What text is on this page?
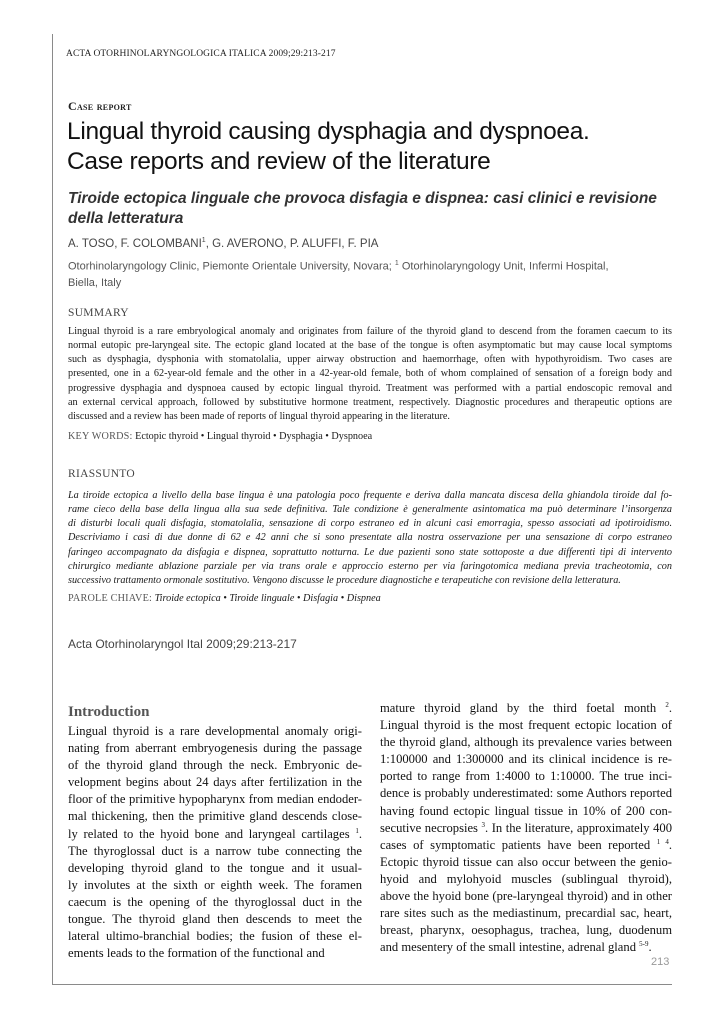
ACTA OTORHINOLARYNGOLOGICA ITALICA 2009;29:213-217
Case report
Lingual thyroid causing dysphagia and dyspnoea.
Case reports and review of the literature
Tiroide ectopica linguale che provoca disfagia e dispnea: casi clinici e revisione
della letteratura
A. TOSO, F. COLOMBANI$^1$, G. AVERONO, P. ALUFFI, F. PIA
Otorhinolaryngology Clinic, Piemonte Orientale University, Novara; $^1$ Otorhinolaryngology Unit, Infermi Hospital,
Biella, Italy
SUMMARY
Lingual thyroid is a rare embryological anomaly and originates from failure of the thyroid gland to descend from the foramen caecum to its
normal eutopic pre-laryngeal site. The ectopic gland located at the base of the tongue is often asymptomatic but may cause local symptoms
such as dysphagia, dysphonia with stomatolalia, upper airway obstruction and haemorrhage, often with hypothyroidism. Two cases are
presented, one in a 62-year-old female and the other in a 42-year-old female, both of whom complained of sensation of a foreign body and
progressive dysphagia and dyspnoea caused by ectopic lingual thyroid. Treatment was performed with a partial endoscopic removal and
an external cervical approach, followed by substitutive hormone treatment, respectively. Diagnostic procedures and therapeutic options are
discussed and a review has been made of reports of lingual thyroid appearing in the literature.
KEY WORDS: Ectopic thyroid • Lingual thyroid • Dysphagia • Dyspnoea
RIASSUNTO
La tiroide ectopica a livello della base lingua è una patologia poco frequente e deriva dalla mancata discesa della ghiandola tiroide dal fo-
rame cieco della base della lingua alla sua sede definitiva. Tale condizione è generalmente asintomatica ma può determinare l’insorgenza
di disturbi locali quali disfagia, stomatolalia, sensazione di corpo estraneo ed in alcuni casi emorragia, spesso associati ad ipotiroidismo.
Descriviamo i casi di due donne di 62 e 42 anni che si sono presentate alla nostra osservazione per una sensazione di corpo estraneo
faringeo accompagnato da disfagia e dispnea, soprattutto notturna. Le due pazienti sono state sottoposte a due differenti tipi di intervento
chirurgico mediante ablazione parziale per via trans orale e approccio esterno per via faringotomica mediana previa tracheotomia, con
successivo trattamento ormonale sostitutivo. Vengono discusse le procedure diagnostiche e terapeutiche con revisione della letteratura.
PAROLE CHIAVE: Tiroide ectopica • Tiroide linguale • Disfagia • Dispnea
Acta Otorhinolaryngol Ital 2009;29:213-217
Introduction
Lingual thyroid is a rare developmental anomaly origi-
nating from aberrant embryogenesis during the passage
of the thyroid gland through the neck. Embryonic de-
velopment begins about 24 days after fertilization in the
floor of the primitive hypopharynx from median endoder-
mal thickening, then the primitive gland descends close-
ly related to the hyoid bone and laryngeal cartilages $^1$.
The thyroglossal duct is a narrow tube connecting the
developing thyroid gland to the tongue and it usual-
ly involutes at the sixth or eighth week. The foramen
caecum is the opening of the thyroglossal duct in the
tongue. The thyroid gland then descends to meet the
lateral ultimo-branchial bodies; the fusion of these el-
ements leads to the formation of the functional and
mature thyroid gland by the third foetal month $^2$.
Lingual thyroid is the most frequent ectopic location of
the thyroid gland, although its prevalence varies between
1:100000 and 1:300000 and its clinical incidence is re-
ported to range from 1:4000 to 1:10000. The true inci-
dence is probably underestimated: some Authors reported
having found ectopic lingual tissue in 10% of 200 con-
secutive necropsies $^3$. In the literature, approximately 400
cases of symptomatic patients have been reported $^{1 4}$.
Ectopic thyroid tissue can also occur between the genio-
hyoid and mylohyoid muscles (sublingual thyroid),
above the hyoid bone (pre-laryngeal thyroid) and in other
rare sites such as the mediastinum, precardial sac, heart,
breast, pharynx, oesophagus, trachea, lung, duodenum
and mesentery of the small intestine, adrenal gland $^{5-9}$.
213
